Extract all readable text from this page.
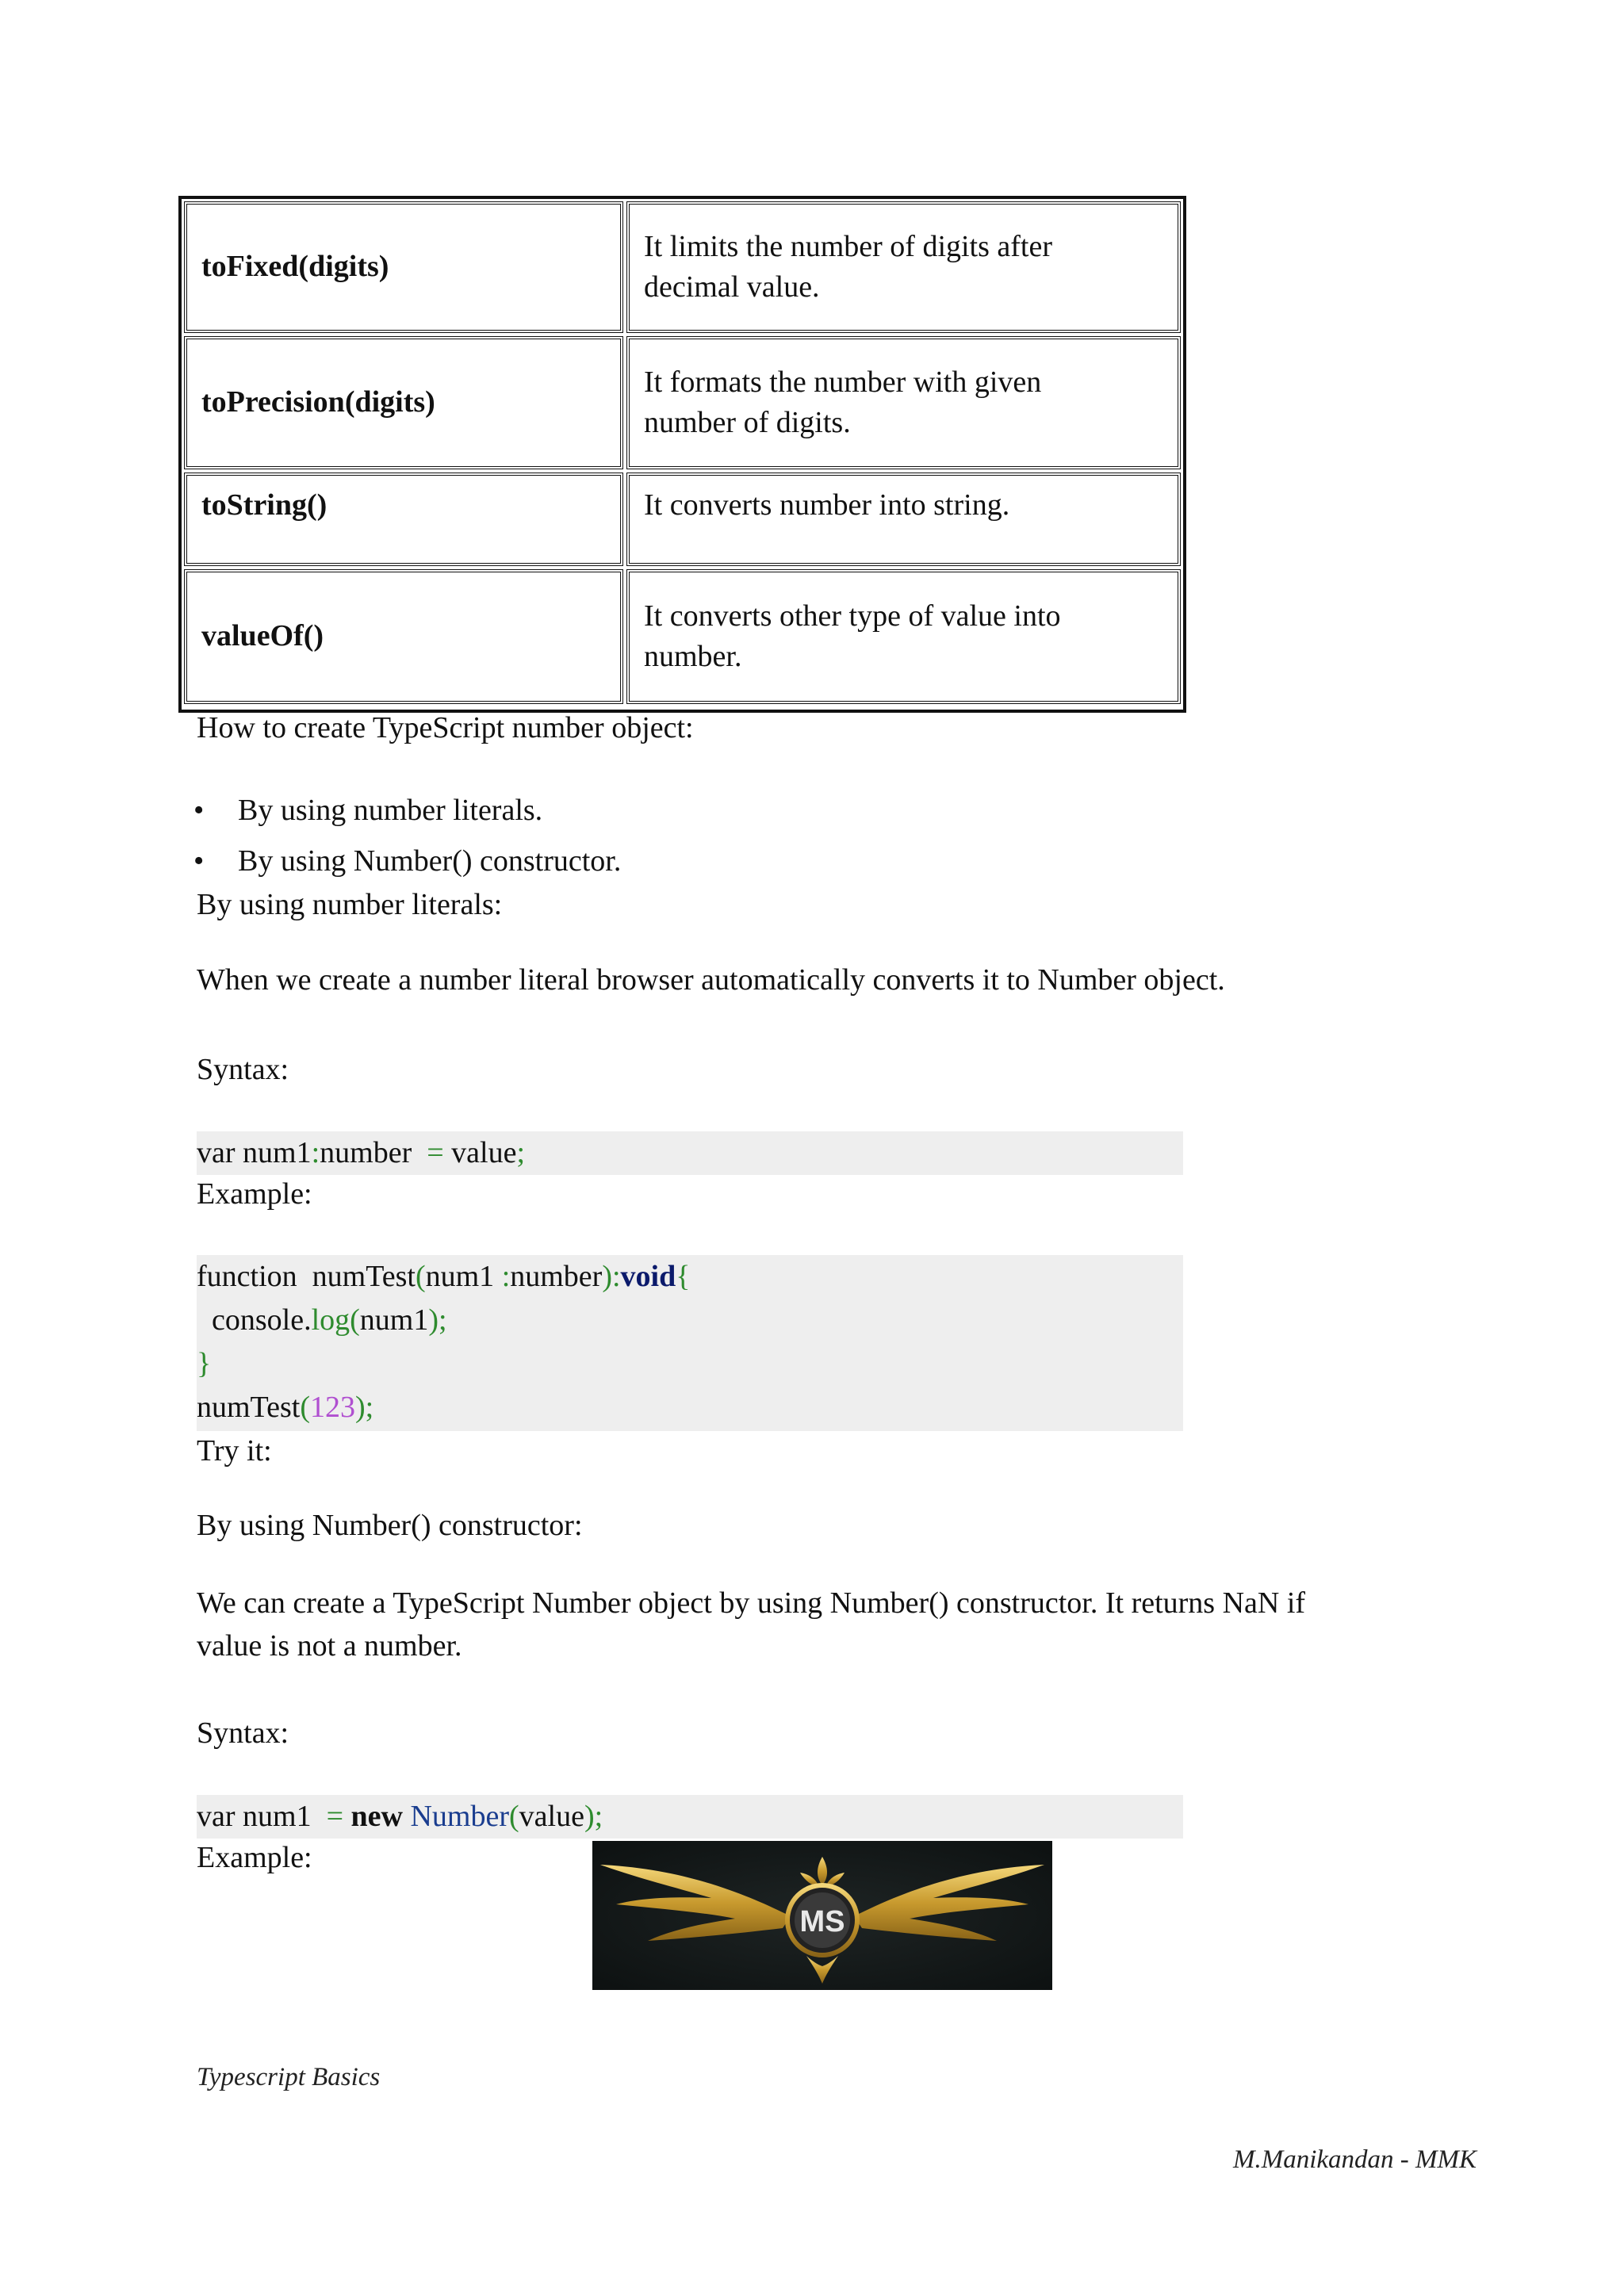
toFixed(digits)
It limits the number of digits after
decimal value.
toPrecision(digits)
It formats the number with given
number of digits.
toString()	It converts number into string.
valueOf()
It converts other type of value into
number.
How to create TypeScript number object:
• By using number literals.
• By using Number() constructor.
By using number literals:
When we create a number literal browser automatically converts it to Number object.
Syntax:
var num1:number  = value;
Example:
function  numTest(num1 :number):void{
console.log(num1);
}
numTest(123);
Try it:
By using Number() constructor:
We can create a TypeScript Number object by using Number() constructor. It returns NaN if
value is not a number.
Syntax:
var num1  = new Number(value);
Example:
MS
Typescript Basics
M.Manikandan - MMK
